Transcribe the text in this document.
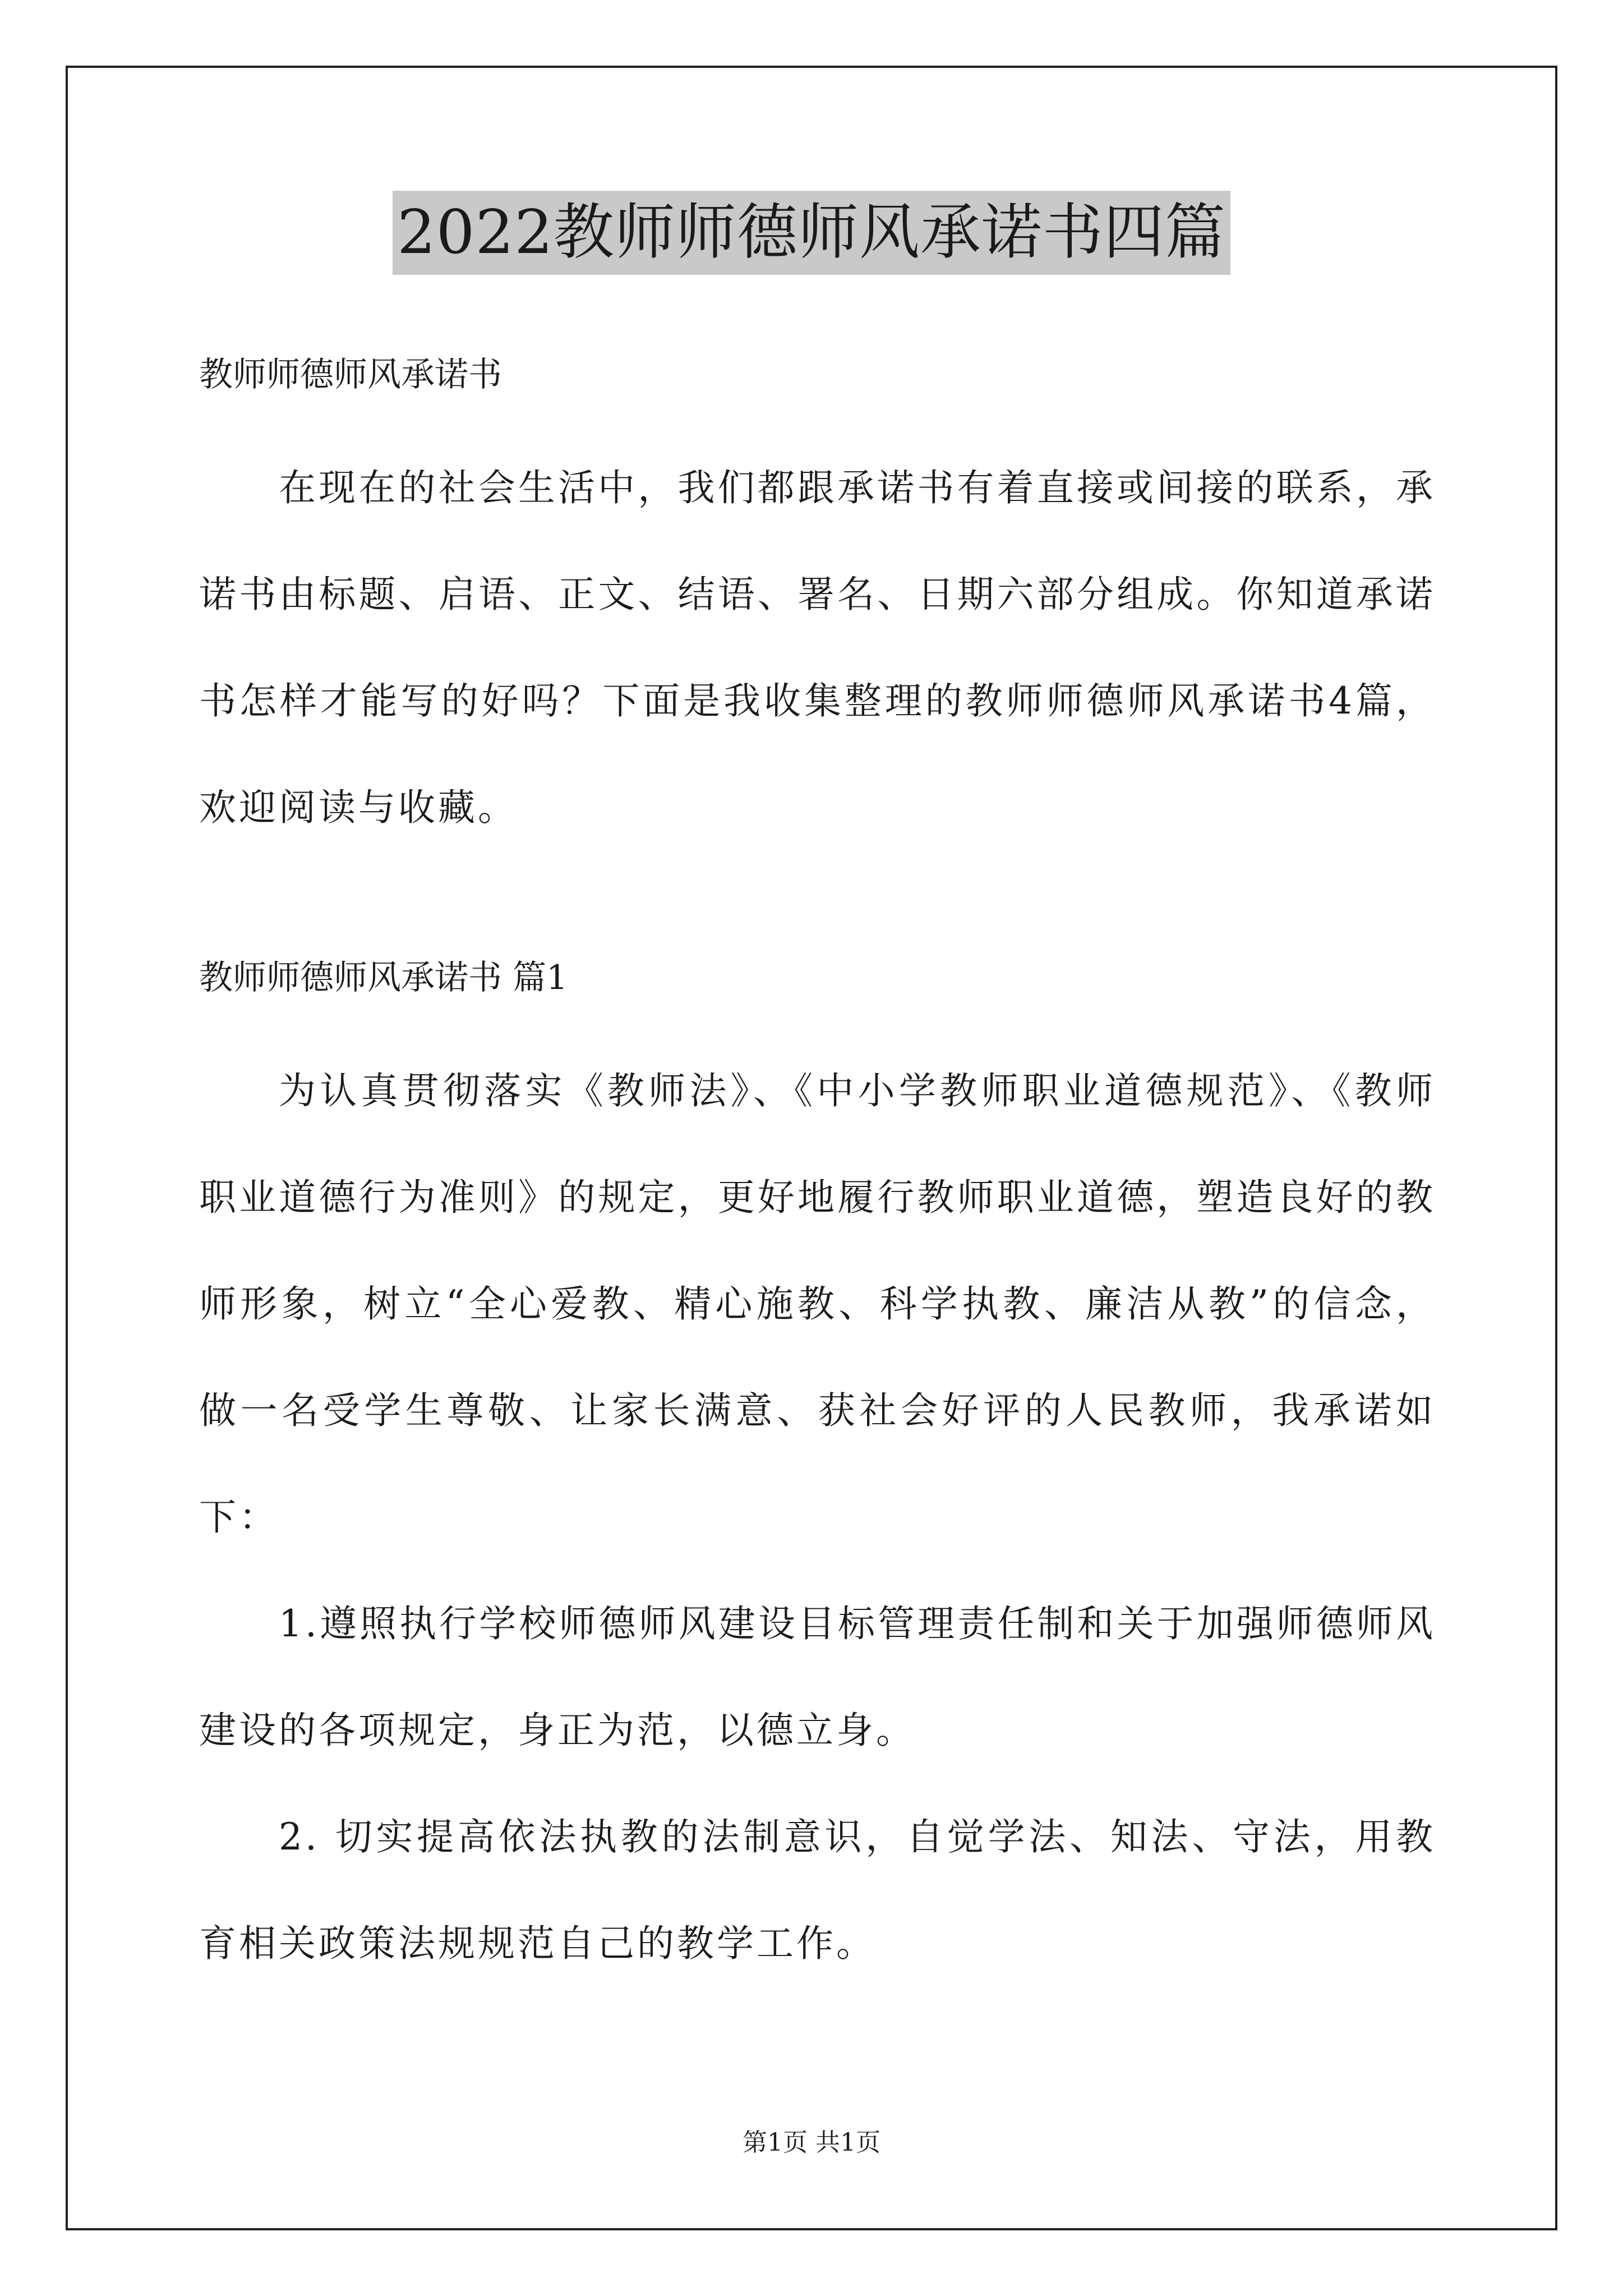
2022教师师德师风承诺书四篇
教师师德师风承诺书

在现在的社会生活中，我们都跟承诺书有着直接或间接的联系，承诺书由标题、启语、正文、结语、署名、日期六部分组成。你知道承诺书怎样才能写的好吗？下面是我收集整理的教师师德师风承诺书4篇，欢迎阅读与收藏。

教师师德师风承诺书 篇1

为认真贯彻落实《教师法》、《中小学教师职业道德规范》、《教师职业道德行为准则》的规定，更好地履行教师职业道德，塑造良好的教师形象，树立“全心爱教、精心施教、科学执教、廉洁从教”的信念，做一名受学生尊敬、让家长满意、获社会好评的人民教师，我承诺如下：

1.遵照执行学校师德师风建设目标管理责任制和关于加强师德师风建设的各项规定，身正为范，以德立身。

2. 切实提高依法执教的法制意识，自觉学法、知法、守法，用教育相关政策法规规范自己的教学工作。

第1页 共1页
